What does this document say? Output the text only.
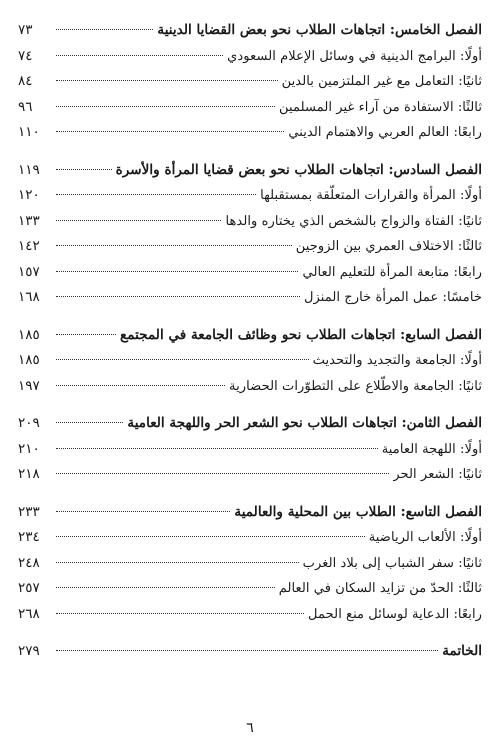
الفصل الخامس: اتجاهات الطلاب نحو بعض القضايا الدينية
٧٣
أولًا: البرامج الدينية في وسائل الإعلام السعودي
٧٤
ثانيًا: التعامل مع غير الملتزمين بالدين
٨٤
ثالثًا: الاستفادة من آراء غير المسلمين
٩٦
رابعًا: العالم العربي والاهتمام الديني
١١٠
الفصل السادس: اتجاهات الطلاب نحو بعض قضايا المرأة والأسرة
١١٩
أولًا: المرأة والقرارات المتعلّقة بمستقبلها
١٢٠
ثانيًا: الفتاة والزواج بالشخص الذي يختاره والدها
١٣٣
ثالثًا: الاختلاف العمري بين الزوجين
١٤٢
رابعًا: متابعة المرأة للتعليم العالي
١٥٧
خامسًا: عمل المرأة خارج المنزل
١٦٨
الفصل السابع: اتجاهات الطلاب نحو وظائف الجامعة في المجتمع
١٨٥
أولًا: الجامعة والتجديد والتحديث
١٨٥
ثانيًا: الجامعة والاطّلاع على التطوّرات الحضارية
١٩٧
الفصل الثامن: اتجاهات الطلاب نحو الشعر الحر واللهجة العامية
٢٠٩
أولًا: اللهجة العامية
٢١٠
ثانيًا: الشعر الحر
٢١٨
الفصل التاسع: الطلاب بين المحلية والعالمية
٢٣٣
أولًا: الألعاب الرياضية
٢٣٤
ثانيًا: سفر الشباب إلى بلاد الغرب
٢٤٨
ثالثًا: الحدّ من تزايد السكان في العالم
٢٥٧
رابعًا: الدعاية لوسائل منع الحمل
٢٦٨
الخاتمة
٢٧٩
٦
